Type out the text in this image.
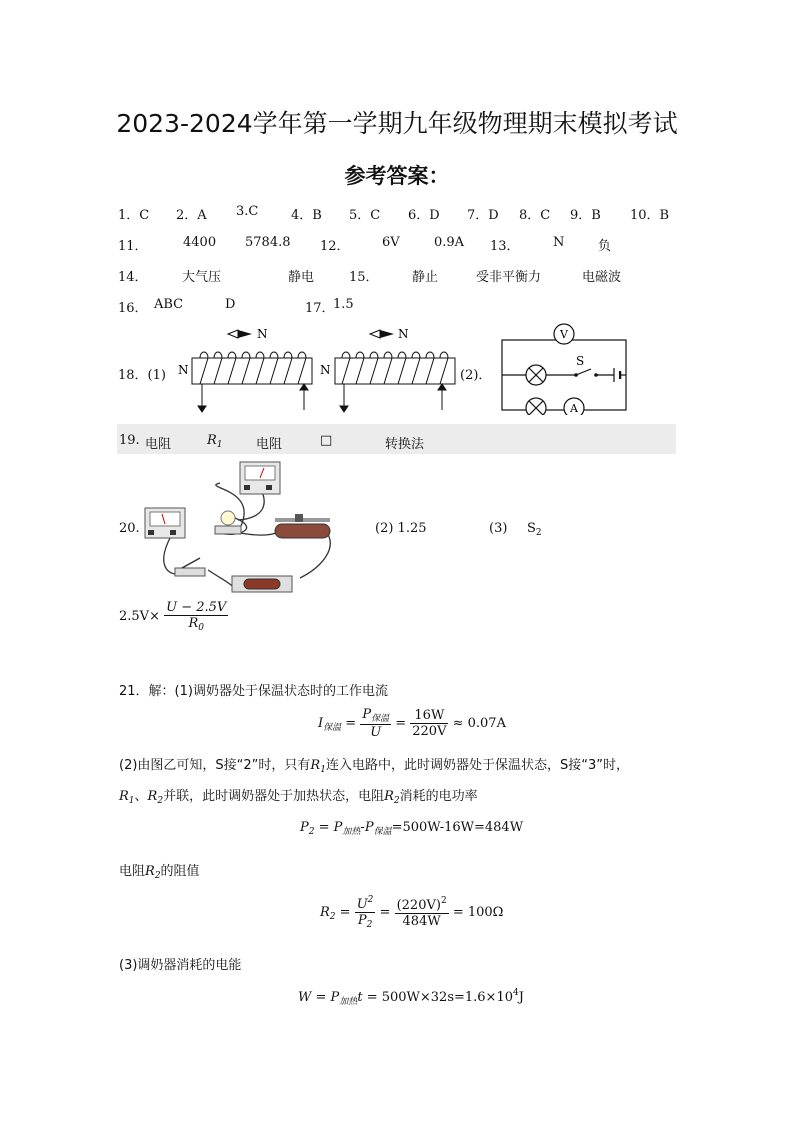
2023-2024学年第一学期九年级物理期末模拟考试
参考答案：
1．C 2．A 3.C	4．B 5．C 6．D 7．D 8．C 9．B 10．B
11．	4400 5784.8 12． 6V	0.9A 13．	N	负
14．	大气压	静电	15．	静止	受非平衡力	电磁波
16． ABC	D	17．
1.5
18．(1)	(2)．
N	N
N	N
V
A
S
19. 电阻	$R_1$	电阻	□	转换法
20.	(2) 1.25	(3) $S_2$
$2.5V\times \frac{U - 2.5V}{R_0}$
21．解：(1)调奶器处于保温状态时的工作电流
$I_{保温} = \frac{P_{保温}}{U} = \frac{16W}{220V} \approx 0.07A$
(2)由图乙可知，S接“2”时，只有$R_1$连入电路中，此时调奶器处于保温状态，S接“3”时，
$R_1$、$R_2$并联，此时调奶器处于加热状态，电阻$R_2$消耗的电功率
$P_2 = P_{加热}-P_{保温}=500W-16W=484W$
电阻$R_2$的阻值
$R_2 = \frac{U^2}{P_2} = \frac{(220V)^2}{484W} = 100\Omega$
(3)调奶器消耗的电能
$W = P_{加热}t = 500W\times 32s=1.6\times 10^4J$
